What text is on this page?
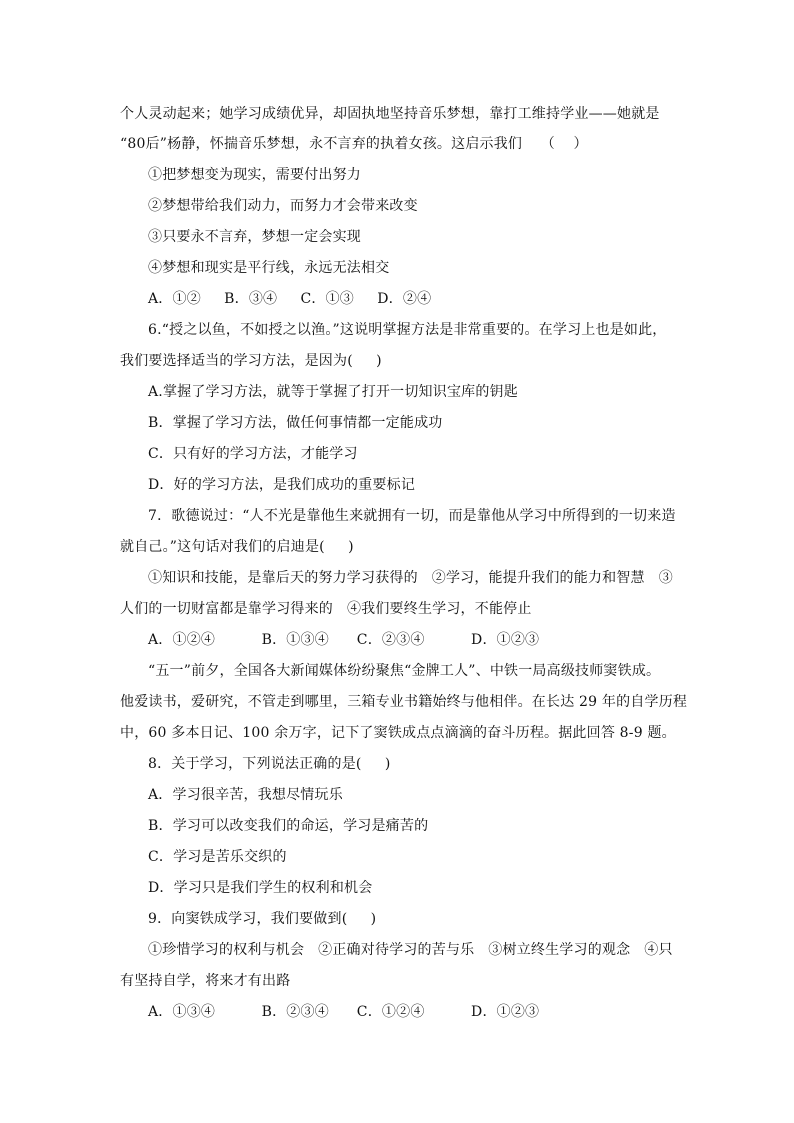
个人灵动起来；她学习成绩优异，却固执地坚持音乐梦想，靠打工维持学业——她就是
“80后”杨静，怀揣音乐梦想，永不言弃的执着女孩。这启示我们    （    ）
①把梦想变为现实，需要付出努力
②梦想带给我们动力，而努力才会带来改变
③只要永不言弃，梦想一定会实现
④梦想和现实是平行线，永远无法相交
A．①②     B．③④     C．①③     D．②④
6.“授之以鱼，不如授之以渔。”这说明掌握方法是非常重要的。在学习上也是如此，
我们要选择适当的学习方法，是因为(     )
A.掌握了学习方法，就等于掌握了打开一切知识宝库的钥匙
B．掌握了学习方法，做任何事情都一定能成功
C．只有好的学习方法，才能学习
D．好的学习方法，是我们成功的重要标记
7．歌德说过：“人不光是靠他生来就拥有一切，而是靠他从学习中所得到的一切来造
就自己。”这句话对我们的启迪是(     )
①知识和技能，是靠后天的努力学习获得的   ②学习，能提升我们的能力和智慧   ③
人们的一切财富都是靠学习得来的   ④我们要终生学习，不能停止
A．①②④          B．①③④      C．②③④          D．①②③
“五一”前夕，全国各大新闻媒体纷纷聚焦“金牌工人”、中铁一局高级技师窦铁成。
他爱读书，爱研究，不管走到哪里，三箱专业书籍始终与他相伴。在长达 29 年的自学历程
中，60 多本日记、100 余万字，记下了窦铁成点点滴滴的奋斗历程。据此回答 8-9 题。
8．关于学习，下列说法正确的是(     )
A．学习很辛苦，我想尽情玩乐
B．学习可以改变我们的命运，学习是痛苦的
C．学习是苦乐交织的
D．学习只是我们学生的权利和机会
9．向窦铁成学习，我们要做到(     )
①珍惜学习的权利与机会   ②正确对待学习的苦与乐   ③树立终生学习的观念   ④只
有坚持自学，将来才有出路
A．①③④          B．②③④      C．①②④          D．①②③
